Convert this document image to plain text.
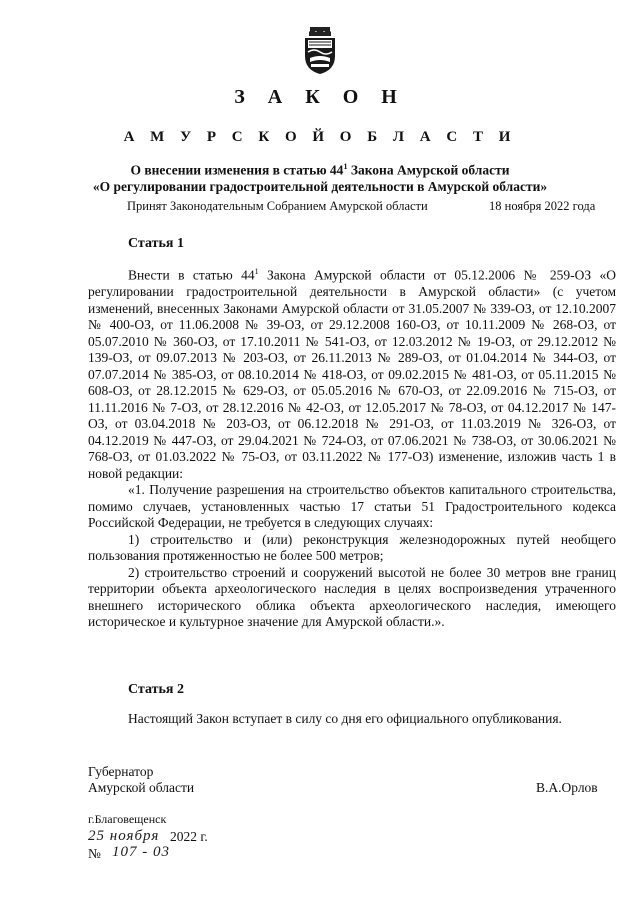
З А К О Н
А М У Р С К О Й О Б Л А С Т И
О внесении изменения в статью $44^1$ Закона Амурской области
«О регулировании градостроительной деятельности в Амурской области»
Принят Законодательным Собранием Амурской области	18 ноября 2022 года
Статья 1

Внести в статью $44^1$ Закона Амурской области от 05.12.2006 № 259-ОЗ «О регулировании градостроительной деятельности в Амурской области» (с учетом изменений, внесенных Законами Амурской области от 31.05.2007 № 339-ОЗ, от 12.10.2007 № 400-ОЗ, от 11.06.2008 № 39-ОЗ, от 29.12.2008 160-ОЗ, от 10.11.2009 № 268-ОЗ, от 05.07.2010 № 360-ОЗ, от 17.10.2011 № 541-ОЗ, от 12.03.2012 № 19-ОЗ, от 29.12.2012 № 139-ОЗ, от 09.07.2013 № 203-ОЗ, от 26.11.2013 № 289-ОЗ, от 01.04.2014 № 344-ОЗ, от 07.07.2014 № 385-ОЗ, от 08.10.2014 № 418-ОЗ, от 09.02.2015 № 481-ОЗ, от 05.11.2015 № 608-ОЗ, от 28.12.2015 № 629-ОЗ, от 05.05.2016 № 670-ОЗ, от 22.09.2016 № 715-ОЗ, от 11.11.2016 № 7-ОЗ, от 28.12.2016 № 42-ОЗ, от 12.05.2017 № 78-ОЗ, от 04.12.2017 № 147-ОЗ, от 03.04.2018 № 203-ОЗ, от 06.12.2018 № 291-ОЗ, от 11.03.2019 № 326-ОЗ, от 04.12.2019 № 447-ОЗ, от 29.04.2021 № 724-ОЗ, от 07.06.2021 № 738-ОЗ, от 30.06.2021 № 768-ОЗ, от 01.03.2022 № 75-ОЗ, от 03.11.2022 № 177-ОЗ) изменение, изложив часть 1 в новой редакции:

«1. Получение разрешения на строительство объектов капитального строительства, помимо случаев, установленных частью 17 статьи 51 Градостроительного кодекса Российской Федерации, не требуется в следующих случаях:

1) строительство и (или) реконструкция железнодорожных путей необщего пользования протяженностью не более 500 метров;

2) строительство строений и сооружений высотой не более 30 метров вне границ территории объекта археологического наследия в целях воспроизведения утраченного внешнего исторического облика объекта археологического наследия, имеющего историческое и культурное значение для Амурской области.».

Статья 2
Настоящий Закон вступает в силу со дня его официального опубликования.
Губернатор
Амурской области	В.А.Орлов
г.Благовещенск
25 ноября 2022 г.
№ 107 - 03
